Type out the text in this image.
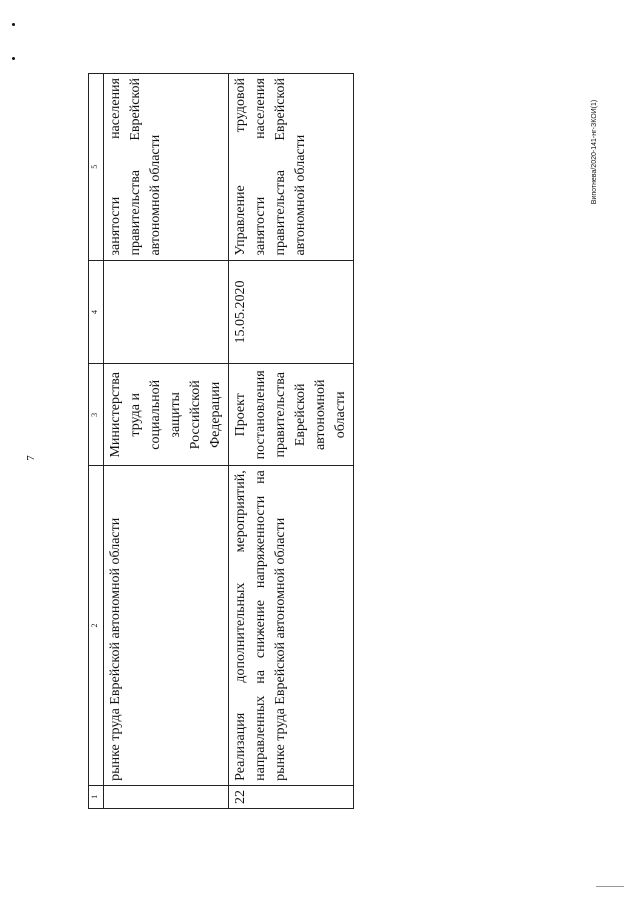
7
Випотнева/2020-141-нг-ЗКОИ(1)
1	2	3	4	5
	рынке труда Еврейской автономной области	Министерства труда и социальной защиты Российской Федерации		занятости населения правительства Еврейской автономной области
22	Реализация дополнительных мероприятий, направленных на снижение напряженности на рынке труда Еврейской автономной области	Проект постановления правительства Еврейской автономной области	15.05.2020	Управление трудовой занятости населения правительства Еврейской автономной области
